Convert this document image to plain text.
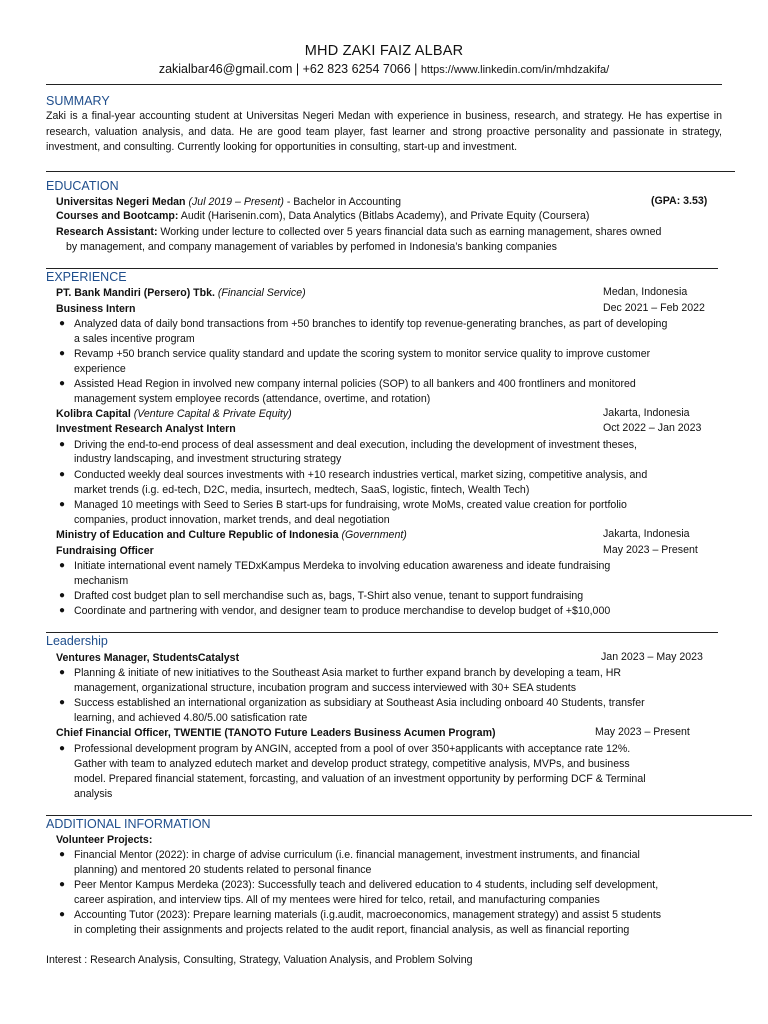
MHD ZAKI FAIZ ALBAR
zakialbar46@gmail.com | +62 823 6254 7066 | https://www.linkedin.com/in/mhdzakifa/
SUMMARY
Zaki is a final-year accounting student at Universitas Negeri Medan with experience in business, research, and strategy. He has expertise in research, valuation analysis, and data. He are good team player, fast learner and strong proactive personality and passionate in strategy, investment, and consulting. Currently looking for opportunities in consulting, start-up and investment.
EDUCATION
Universitas Negeri Medan (Jul 2019 – Present) - Bachelor in Accounting	(GPA: 3.53)
Courses and Bootcamp: Audit (Harisenin.com), Data Analytics (Bitlabs Academy), and Private Equity (Coursera)
Research Assistant: Working under lecture to collected over 5 years financial data such as earning management, shares owned
by management, and company management of variables by perfomed in Indonesia’s banking companies
EXPERIENCE
PT. Bank Mandiri (Persero) Tbk. (Financial Service)	Medan, Indonesia
Business Intern	Dec 2021 – Feb 2022
● Analyzed data of daily bond transactions from +50 branches to identify top revenue-generating branches, as part of developing
a sales incentive program
● Revamp +50 branch service quality standard and update the scoring system to monitor service quality to improve customer
experience
● Assisted Head Region in involved new company internal policies (SOP) to all bankers and 400 frontliners and monitored
management system employee records (attendance, overtime, and rotation)
Kolibra Capital (Venture Capital & Private Equity)	Jakarta, Indonesia
Investment Research Analyst Intern	Oct 2022 – Jan 2023
● Driving the end-to-end process of deal assessment and deal execution, including the development of investment theses,
industry landscaping, and investment structuring strategy
● Conducted weekly deal sources investments with +10 research industries vertical, market sizing, competitive analysis, and
market trends (i.g. ed-tech, D2C, media, insurtech, medtech, SaaS, logistic, fintech, Wealth Tech)
● Managed 10 meetings with Seed to Series B start-ups for fundraising, wrote MoMs, created value creation for portfolio
companies, product innovation, market trends, and deal negotiation
Ministry of Education and Culture Republic of Indonesia (Government)	Jakarta, Indonesia
Fundraising Officer	May 2023 – Present
● Initiate international event namely TEDxKampus Merdeka to involving education awareness and ideate fundraising
mechanism
● Drafted cost budget plan to sell merchandise such as, bags, T-Shirt also venue, tenant to support fundraising
● Coordinate and partnering with vendor, and designer team to produce merchandise to develop budget of +$10,000
Leadership
Ventures Manager, StudentsCatalyst	Jan 2023 – May 2023
● Planning & initiate of new initiatives to the Southeast Asia market to further expand branch by developing a team, HR
management, organizational structure, incubation program and success interviewed with 30+ SEA students
● Success established an international organization as subsidiary at Southeast Asia including onboard 40 Students, transfer
learning, and achieved 4.80/5.00 satisfication rate
Chief Financial Officer, TWENTIE (TANOTO Future Leaders Business Acumen Program)	May 2023 – Present
● Professional development program by ANGIN, accepted from a pool of over 350+applicants with acceptance rate 12%.
Gather with team to analyzed edutech market and develop product strategy, competitive analysis, MVPs, and business
model. Prepared financial statement, forcasting, and valuation of an investment opportunity by performing DCF & Terminal
analysis
ADDITIONAL INFORMATION
Volunteer Projects:
● Financial Mentor (2022): in charge of advise curriculum (i.e. financial management, investment instruments, and financial
planning) and mentored 20 students related to personal finance
● Peer Mentor Kampus Merdeka (2023): Successfully teach and delivered education to 4 students, including self development,
career aspiration, and interview tips. All of my mentees were hired for telco, retail, and manufacturing companies
● Accounting Tutor (2023): Prepare learning materials (i.g.audit, macroeconomics, management strategy) and assist 5 students
in completing their assignments and projects related to the audit report, financial analysis, as well as financial reporting
Interest : Research Analysis, Consulting, Strategy, Valuation Analysis, and Problem Solving
